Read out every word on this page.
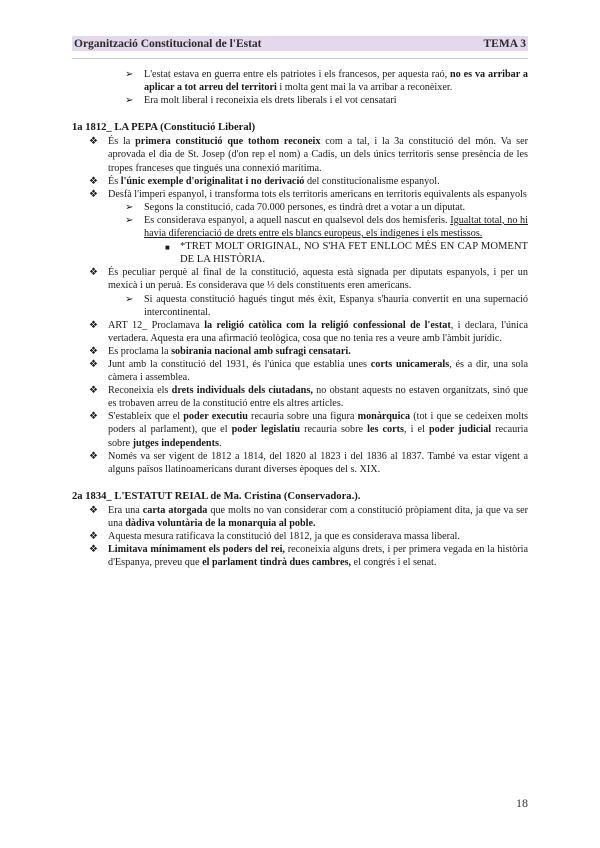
Organització Constitucional de l'Estat	TEMA 3
➢ L'estat estava en guerra entre els patriotes i els francesos, per aquesta raó, no es va arribar a aplicar a tot arreu del territori i molta gent mai la va arribar a reconèixer.
➢ Era molt liberal i reconeixia els drets liberals i el vot censatari
1a 1812_ LA PEPA (Constitució Liberal)
❖ És la primera constitució que tothom reconeix com a tal, i la 3a constitució del món. Va ser aprovada el dia de St. Josep (d'on rep el nom) a Cadis, un dels únics territoris sense presència de les tropes franceses que tingués una connexió marítima.
❖ És l'únic exemple d'originalitat i no derivació del constitucionalisme espanyol.
❖ Desfà l'imperi espanyol, i transforma tots els territoris americans en territoris equivalents als espanyols
➢ Segons la constitució, cada 70.000 persones, es tindrà dret a votar a un diputat.
➢ Es considerava espanyol, a aquell nascut en qualsevol dels dos hemisferis. Igualtat total, no hi havia diferenciació de drets entre els blancs europeus, els indígenes i els mestissos.
■ *TRET MOLT ORIGINAL, NO S'HA FET ENLLOC MÉS EN CAP MOMENT DE LA HISTÒRIA.
❖ És peculiar perquè al final de la constitució, aquesta està signada per diputats espanyols, i per un mexicà i un peruà. Es considerava que ⅓ dels constituents eren americans.
➢ Si aquesta constitució hagués tingut més èxit, Espanya s'hauria convertit en una supernació intercontinental.
❖ ART 12_ Proclamava la religió catòlica com la religió confessional de l'estat, i declara, l'única vertadera. Aquesta era una afirmació teològica, cosa que no tenia res a veure amb l'àmbit jurídic.
❖ Es proclama la sobirania nacional amb sufragi censatari.
❖ Junt amb la constitució del 1931, és l'única que establia unes corts unicamerals, és a dir, una sola càmera i assemblea.
❖ Reconeixia els drets individuals dels ciutadans, no obstant aquests no estaven organitzats, sinó que es trobaven arreu de la constitució entre els altres articles.
❖ S'estableix que el poder executiu recauria sobre una figura monàrquica (tot i que se cedeixen molts poders al parlament), que el poder legislatiu recauria sobre les corts, i el poder judicial recauria sobre jutges independents.
❖ Només va ser vigent de 1812 a 1814, del 1820 al 1823 i del 1836 al 1837. També va estar vigent a alguns països llatinoamericans durant diverses èpoques del s. XIX.
2a 1834_ L'ESTATUT REIAL de Ma. Cristina (Conservadora.).
❖ Era una carta atorgada que molts no van considerar com a constitució pròpiament dita, ja que va ser una dàdiva voluntària de la monarquia al poble.
❖ Aquesta mesura ratificava la constitució del 1812, ja que es considerava massa liberal.
❖ Limitava mínimament els poders del rei, reconeixia alguns drets, i per primera vegada en la història d'Espanya, preveu que el parlament tindrà dues cambres, el congrés i el senat.
18
